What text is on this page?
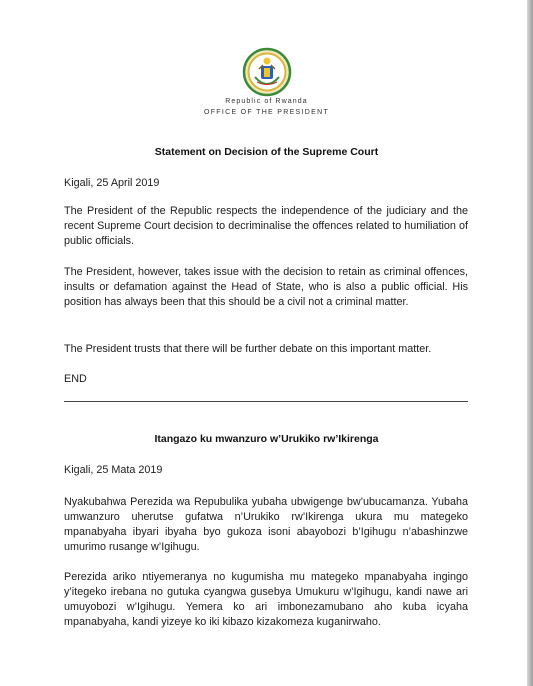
Republic of Rwanda
OFFICE OF THE PRESIDENT
Statement on Decision of the Supreme Court
Kigali, 25 April 2019
The President of the Republic respects the independence of the judiciary and the recent Supreme Court decision to decriminalise the offences related to humiliation of public officials.
The President, however, takes issue with the decision to retain as criminal offences, insults or defamation against the Head of State, who is also a public official. His position has always been that this should be a civil not a criminal matter.
The President trusts that there will be further debate on this important matter.
END
Itangazo ku mwanzuro w’Urukiko rw’Ikirenga
Kigali, 25 Mata 2019
Nyakubahwa Perezida wa Repubulika yubaha ubwigenge bw’ubucamanza. Yubaha umwanzuro uherutse gufatwa n’Urukiko rw’Ikirenga ukura mu mategeko mpanabyaha ibyari ibyaha byo gukoza isoni abayobozi b’Igihugu n’abashinzwe umurimo rusange w’Igihugu.
Perezida ariko ntiyemeranya no kugumisha mu mategeko mpanabyaha ingingo y’itegeko irebana no gutuka cyangwa gusebya Umukuru w’Igihugu, kandi nawe ari umuyobozi w’Igihugu. Yemera ko ari imbonezamubano aho kuba icyaha mpanabyaha, kandi yizeye ko iki kibazo kizakomeza kuganirwaho.
